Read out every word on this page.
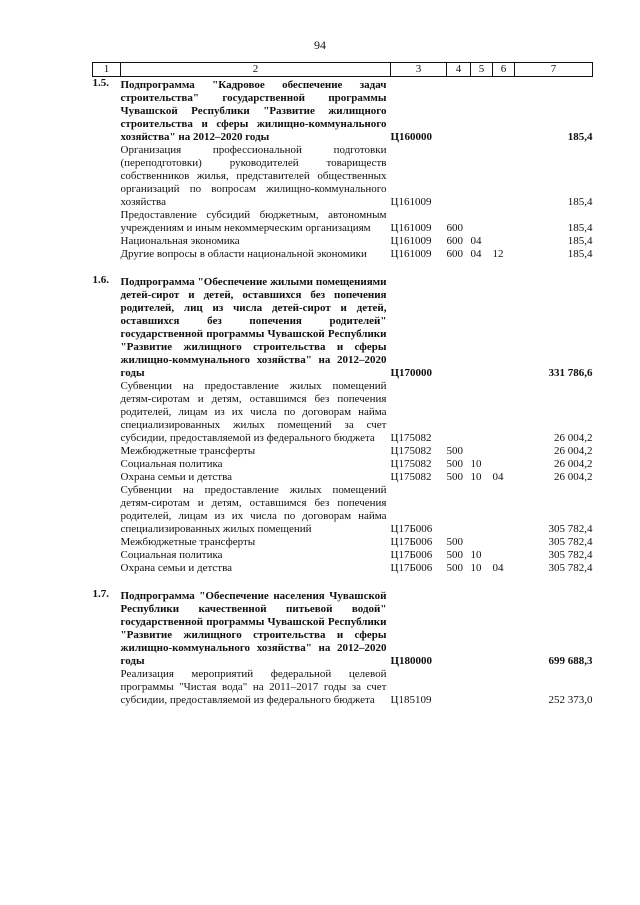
94
1	2	3	4	5	6	7
1.5.	Подпрограмма "Кадровое обеспечение задач строительства" государственной программы Чувашской Республики "Развитие жилищного строительства и сферы жилищно-коммунального хозяйства" на 2012–2020 годы	Ц160000				185,4
	Организация профессиональной подготовки (переподготовки) руководителей товариществ собственников жилья, представителей общественных организаций по вопросам жилищно-коммунального хозяйства	Ц161009				185,4
	Предоставление субсидий бюджетным, автономным учреждениям и иным некоммерческим организациям	Ц161009	600			185,4
	Национальная экономика	Ц161009	600	04		185,4
	Другие вопросы в области национальной экономики	Ц161009	600	04	12	185,4

1.6.	Подпрограмма "Обеспечение жилыми помещениями детей-сирот и детей, оставшихся без попечения родителей, лиц из числа детей-сирот и детей, оставшихся без попечения родителей" государственной программы Чувашской Республики "Развитие жилищного строительства и сферы жилищно-коммунального хозяйства" на 2012–2020 годы	Ц170000				331 786,6
	Субвенции на предоставление жилых помещений детям-сиротам и детям, оставшимся без попечения родителей, лицам из их числа по договорам найма специализированных жилых помещений за счет субсидии, предоставляемой из федерального бюджета	Ц175082				26 004,2
	Межбюджетные трансферты	Ц175082	500			26 004,2
	Социальная политика	Ц175082	500	10		26 004,2
	Охрана семьи и детства	Ц175082	500	10	04	26 004,2
	Субвенции на предоставление жилых помещений детям-сиротам и детям, оставшимся без попечения родителей, лицам из их числа по договорам найма специализированных жилых помещений	Ц17Б006				305 782,4
	Межбюджетные трансферты	Ц17Б006	500			305 782,4
	Социальная политика	Ц17Б006	500	10		305 782,4
	Охрана семьи и детства	Ц17Б006	500	10	04	305 782,4

1.7.	Подпрограмма "Обеспечение населения Чувашской Республики качественной питьевой водой" государственной программы Чувашской Республики "Развитие жилищного строительства и сферы жилищно-коммунального хозяйства" на 2012–2020 годы	Ц180000				699 688,3
	Реализация мероприятий федеральной целевой программы "Чистая вода" на 2011–2017 годы за счет субсидии, предоставляемой из федерального бюджета	Ц185109				252 373,0
